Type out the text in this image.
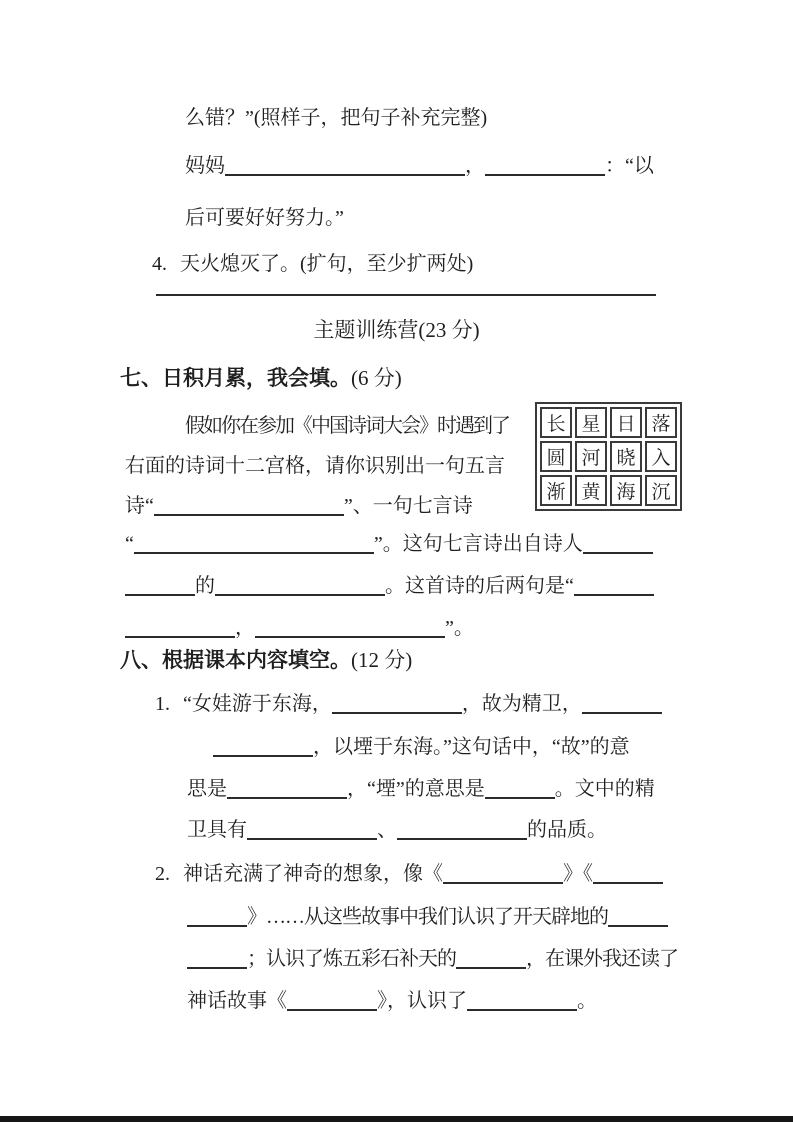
么错？”(照样子，把句子补充完整)
妈妈	，	：“以
后可要好好努力。”
4. 天火熄灭了。(扩句，至少扩两处)
主题训练营(23 分)
七、日积月累，我会填。(6 分)
假如你在参加《中国诗词大会》时遇到了
右面的诗词十二宫格，请你识别出一句五言
诗“	”、一句七言诗
“	”。这句七言诗出自诗人
的	。这首诗的后两句是“
，	”。
长	星	日	落
圆	河	晓	入
渐	黄	海	沉
八、根据课本内容填空。(12 分)
1. “女娃游于东海，	，故为精卫，
，以堙于东海。”这句话中，“故”的意
思是	，“堙”的意思是	。文中的精
卫具有	、	的品质。
2. 神话充满了神奇的想象，像《	》《
》……从这些故事中我们认识了开天辟地的
；认识了炼五彩石补天的	，在课外我还读了
神话故事《	》，认识了	。
